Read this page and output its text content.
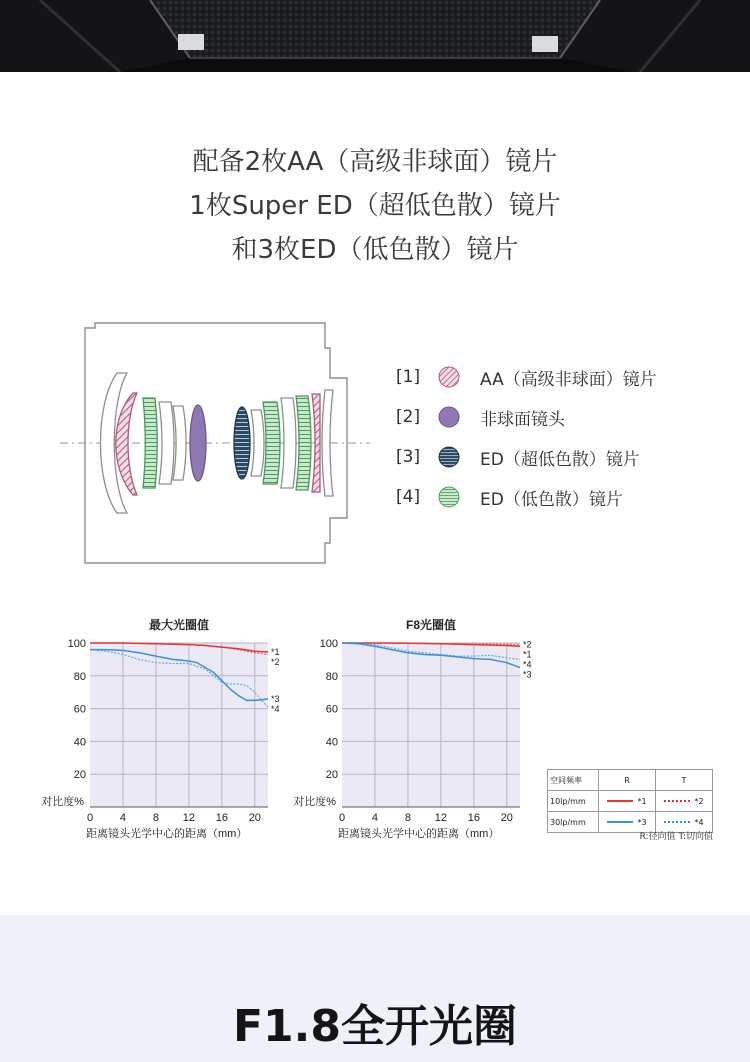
配备2枚AA（高级非球面）镜片
1枚Super ED（超低色散）镜片
和3枚ED（低色散）镜片
[1]	AA（高级非球面）镜片
[2]	非球面镜头
[3]	ED（超低色散）镜片
[4]	ED（低色散）镜片
最大光圈值
0 4 8 12 16 20
20
40
60
80
100
对比度%
距离镜头光学中心的距离（mm）
*1
*2
*3
*4
F8光圈值
0 4 8 12 16 20
20
40
60
80
100
对比度%
距离镜头光学中心的距离（mm）
*2
*1
*4
*3
空间频率	R	T
10lp/mm	*1	*2
30lp/mm	*3	*4
R:径向值 T:切向值
F1.8全开光圈
